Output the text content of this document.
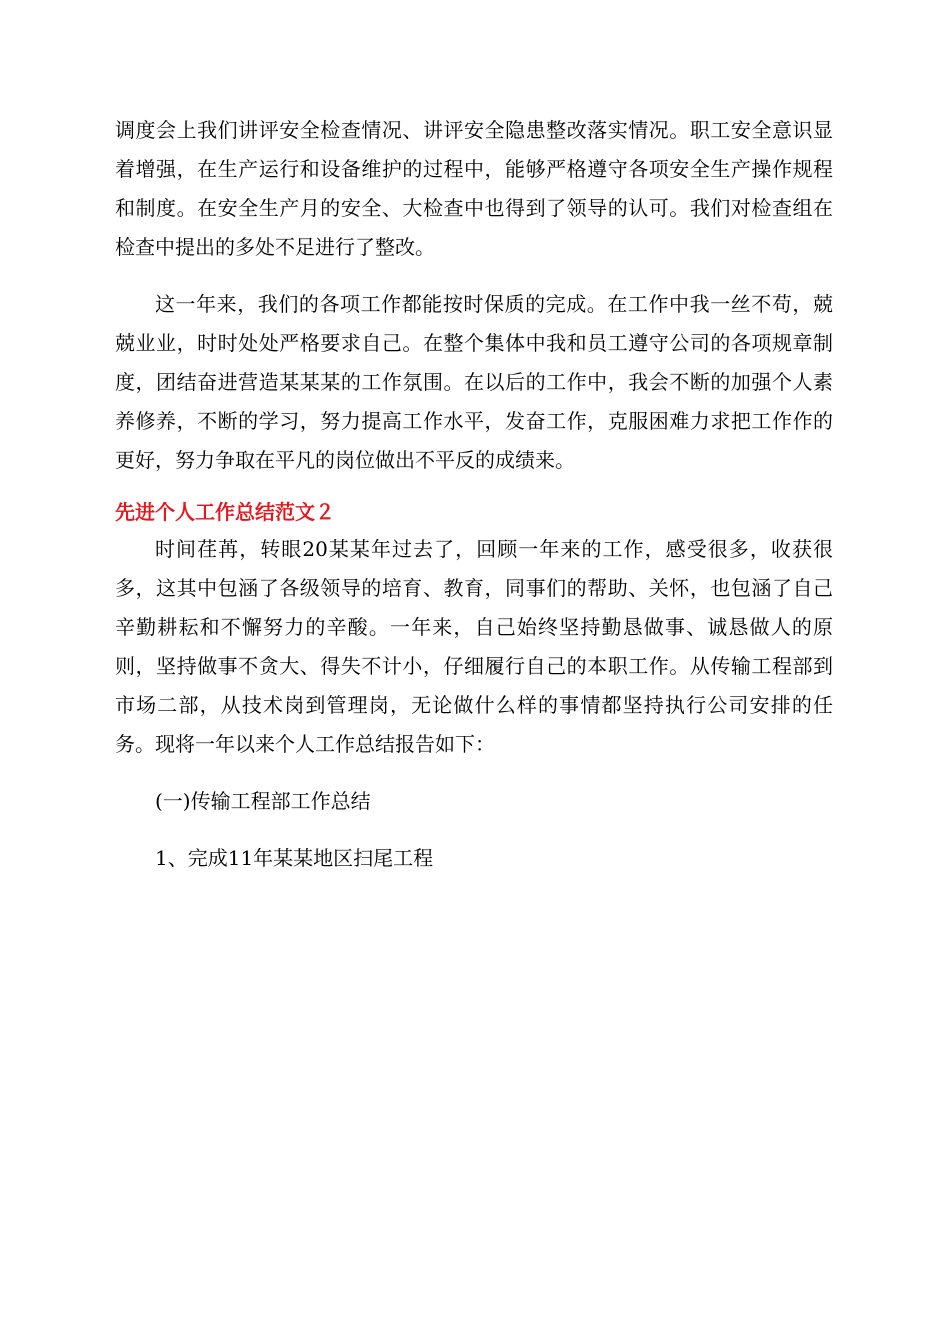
调度会上我们讲评安全检查情况、讲评安全隐患整改落实情况。职工安全意识显着增强，在生产运行和设备维护的过程中，能够严格遵守各项安全生产操作规程和制度。在安全生产月的安全、大检查中也得到了领导的认可。我们对检查组在检查中提出的多处不足进行了整改。

这一年来，我们的各项工作都能按时保质的完成。在工作中我一丝不苟，兢兢业业，时时处处严格要求自己。在整个集体中我和员工遵守公司的各项规章制度，团结奋进营造某某某的工作氛围。在以后的工作中，我会不断的加强个人素养修养，不断的学习，努力提高工作水平，发奋工作，克服困难力求把工作作的更好，努力争取在平凡的岗位做出不平反的成绩来。

先进个人工作总结范文２

时间荏苒，转眼20某某年过去了，回顾一年来的工作，感受很多，收获很多，这其中包涵了各级领导的培育、教育，同事们的帮助、关怀，也包涵了自己辛勤耕耘和不懈努力的辛酸。一年来，自己始终坚持勤恳做事、诚恳做人的原则，坚持做事不贪大、得失不计小，仔细履行自己的本职工作。从传输工程部到市场二部，从技术岗到管理岗，无论做什么样的事情都坚持执行公司安排的任务。现将一年以来个人工作总结报告如下：

(一)传输工程部工作总结

1、完成11年某某地区扫尾工程
